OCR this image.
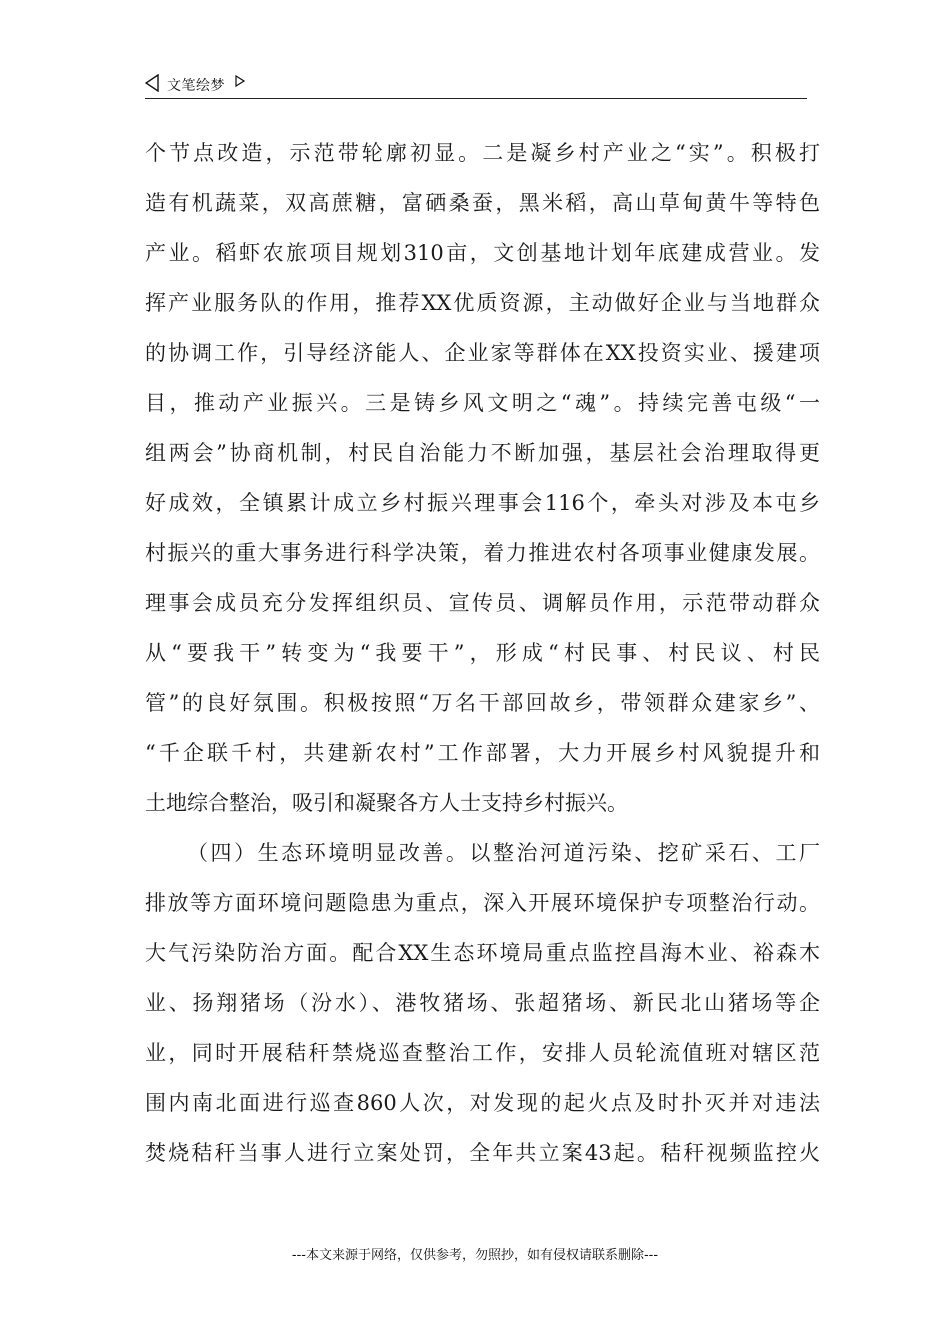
文笔绘梦
个节点改造，示范带轮廓初显。二是凝乡村产业之“实”。积极打
造有机蔬菜，双高蔗糖，富硒桑蚕，黑米稻，高山草甸黄牛等特色
产业。稻虾农旅项目规划310亩，文创基地计划年底建成营业。发
挥产业服务队的作用，推荐XX优质资源，主动做好企业与当地群众
的协调工作，引导经济能人、企业家等群体在XX投资实业、援建项
目，推动产业振兴。三是铸乡风文明之“魂”。持续完善屯级“一
组两会”协商机制，村民自治能力不断加强，基层社会治理取得更
好成效，全镇累计成立乡村振兴理事会116个，牵头对涉及本屯乡
村振兴的重大事务进行科学决策，着力推进农村各项事业健康发展。
理事会成员充分发挥组织员、宣传员、调解员作用，示范带动群众
从“要我干”转变为“我要干”，形成“村民事、村民议、村民
管”的良好氛围。积极按照“万名干部回故乡，带领群众建家乡”、
“千企联千村，共建新农村”工作部署，大力开展乡村风貌提升和
土地综合整治，吸引和凝聚各方人士支持乡村振兴。
（四）生态环境明显改善。以整治河道污染、挖矿采石、工厂
排放等方面环境问题隐患为重点，深入开展环境保护专项整治行动。
大气污染防治方面。配合XX生态环境局重点监控昌海木业、裕森木
业、扬翔猪场（汾水）、港牧猪场、张超猪场、新民北山猪场等企
业，同时开展秸秆禁烧巡查整治工作，安排人员轮流值班对辖区范
围内南北面进行巡查860人次，对发现的起火点及时扑灭并对违法
焚烧秸秆当事人进行立案处罚，全年共立案43起。秸秆视频监控火
---本文来源于网络，仅供参考，勿照抄，如有侵权请联系删除---
